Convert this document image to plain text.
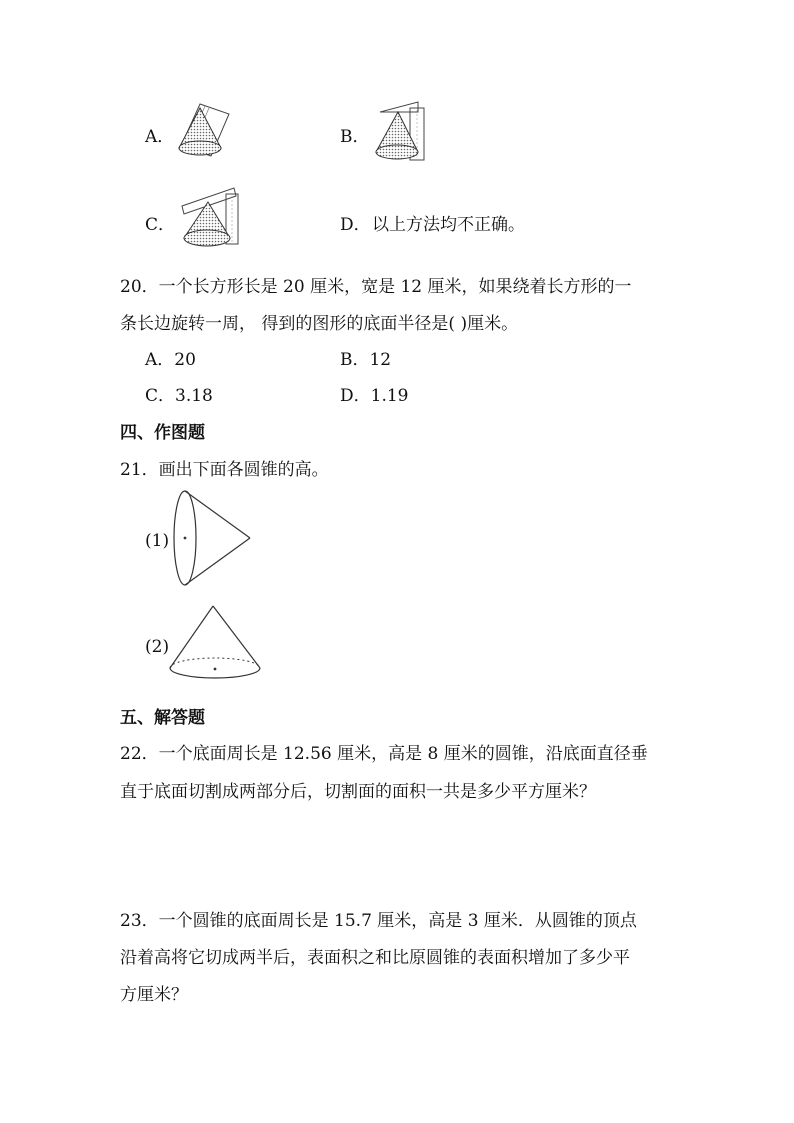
A．	B．
C．	D． 以上方法均不正确。
20．一个长方形长是 20 厘米，宽是 12 厘米，如果绕着长方形的一
条长边旋转一周， 得到的图形的底面半径是( )厘米。
A．20	B．12
C．3.18	D．1.19
四、作图题
21．画出下面各圆锥的高。
(1)
(2)
五、解答题
22．一个底面周长是 12.56 厘米，高是 8 厘米的圆锥，沿底面直径垂
直于底面切割成两部分后，切割面的面积一共是多少平方厘米？
23．一个圆锥的底面周长是 15.7 厘米，高是 3 厘米．从圆锥的顶点
沿着高将它切成两半后，表面积之和比原圆锥的表面积增加了多少平
方厘米？
